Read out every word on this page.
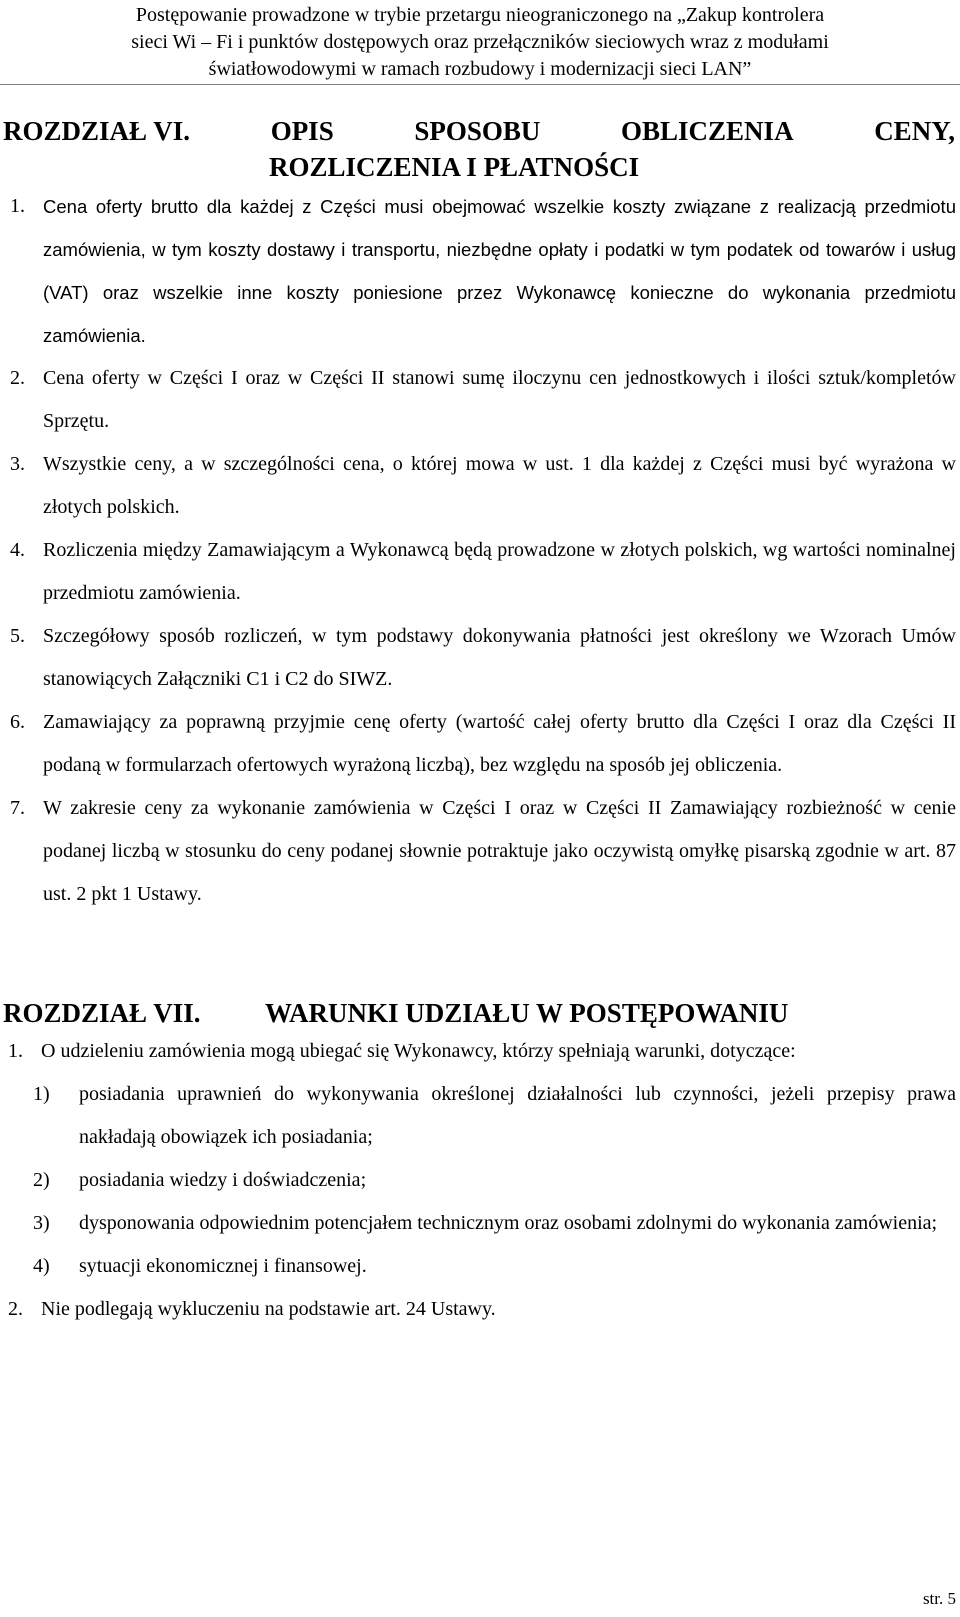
Postępowanie prowadzone w trybie przetargu nieograniczonego na „Zakup kontrolera
sieci Wi – Fi i punktów dostępowych oraz przełączników sieciowych wraz z modułami
światłowodowymi w ramach rozbudowy i modernizacji sieci LAN”
ROZDZIAŁ VI.	OPIS	SPOSOBU	OBLICZENIA	CENY,
ROZLICZENIA I PŁATNOŚCI
1. Cena oferty brutto dla każdej z Części musi obejmować wszelkie koszty związane z realizacją przedmiotu zamówienia, w tym koszty dostawy i transportu, niezbędne opłaty i podatki w tym podatek od towarów i usług (VAT) oraz wszelkie inne koszty poniesione przez Wykonawcę konieczne do wykonania przedmiotu zamówienia.
2. Cena oferty w Części I oraz w Części II stanowi sumę iloczynu cen jednostkowych i ilości sztuk/kompletów Sprzętu.
3. Wszystkie ceny, a w szczególności cena, o której mowa w ust. 1 dla każdej z Części musi być wyrażona w złotych polskich.
4. Rozliczenia między Zamawiającym a Wykonawcą będą prowadzone w złotych polskich, wg wartości nominalnej przedmiotu zamówienia.
5. Szczegółowy sposób rozliczeń, w tym podstawy dokonywania płatności jest określony we Wzorach Umów stanowiących Załączniki C1 i C2 do SIWZ.
6. Zamawiający za poprawną przyjmie cenę oferty (wartość całej oferty brutto dla Części I oraz dla Części II podaną w formularzach ofertowych wyrażoną liczbą), bez względu na sposób jej obliczenia.
7. W zakresie ceny za wykonanie zamówienia w Części I oraz w Części II Zamawiający rozbieżność w cenie podanej liczbą w stosunku do ceny podanej słownie potraktuje jako oczywistą omyłkę pisarską zgodnie w art. 87 ust. 2 pkt 1 Ustawy.
ROZDZIAŁ VII. WARUNKI UDZIAŁU W POSTĘPOWANIU
1. O udzieleniu zamówienia mogą ubiegać się Wykonawcy, którzy spełniają warunki, dotyczące:
1)	posiadania uprawnień do wykonywania określonej działalności lub czynności, jeżeli przepisy prawa nakładają obowiązek ich posiadania;
2)	posiadania wiedzy i doświadczenia;
3)	dysponowania odpowiednim potencjałem technicznym oraz osobami zdolnymi do wykonania zamówienia;
4)	sytuacji ekonomicznej i finansowej.
2. Nie podlegają wykluczeniu na podstawie art. 24 Ustawy.
str. 5
